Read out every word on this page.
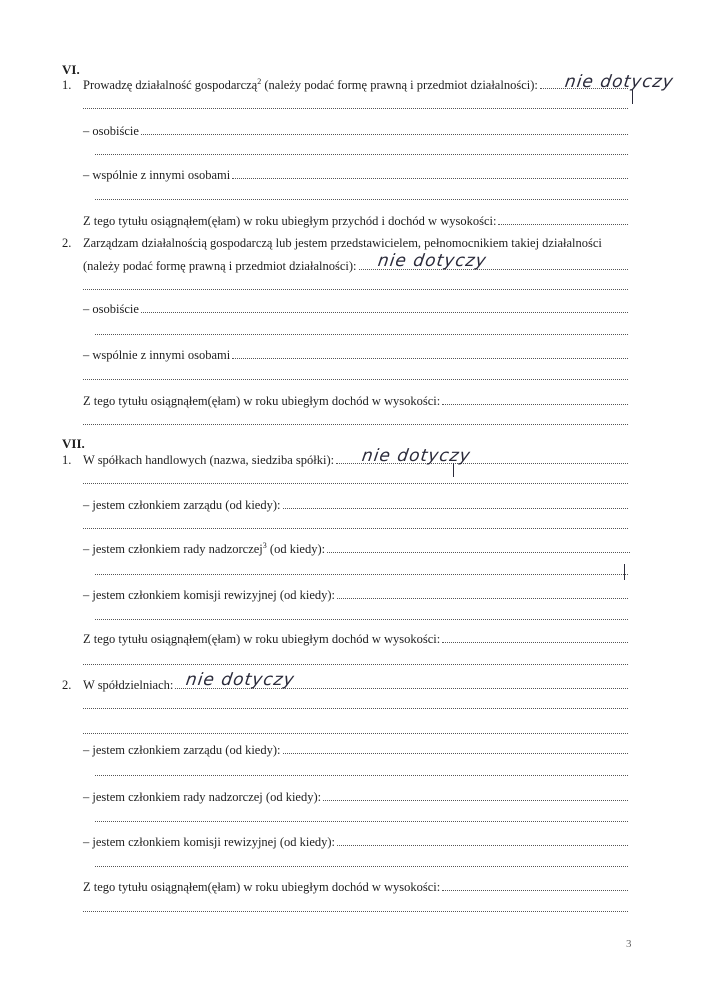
VI.
1. Prowadzę działalność gospodarczą$^2$ (należy podać formę prawną i przedmiot działalności): nie dotyczy
– osobiście
– wspólnie z innymi osobami
Z tego tytułu osiągnąłem(ęłam) w roku ubiegłym przychód i dochód w wysokości:
2. Zarządzam działalnością gospodarczą lub jestem przedstawicielem, pełnomocnikiem takiej działalności
(należy podać formę prawną i przedmiot działalności): nie dotyczy
– osobiście
– wspólnie z innymi osobami
Z tego tytułu osiągnąłem(ęłam) w roku ubiegłym dochód w wysokości:
VII.
1. W spółkach handlowych (nazwa, siedziba spółki): nie dotyczy
– jestem członkiem zarządu (od kiedy):
– jestem członkiem rady nadzorczej$^3$ (od kiedy):
– jestem członkiem komisji rewizyjnej (od kiedy):
Z tego tytułu osiągnąłem(ęłam) w roku ubiegłym dochód w wysokości:
2. W spółdzielniach: nie dotyczy
– jestem członkiem zarządu (od kiedy):
– jestem członkiem rady nadzorczej (od kiedy):
– jestem członkiem komisji rewizyjnej (od kiedy):
Z tego tytułu osiągnąłem(ęłam) w roku ubiegłym dochód w wysokości:
3
